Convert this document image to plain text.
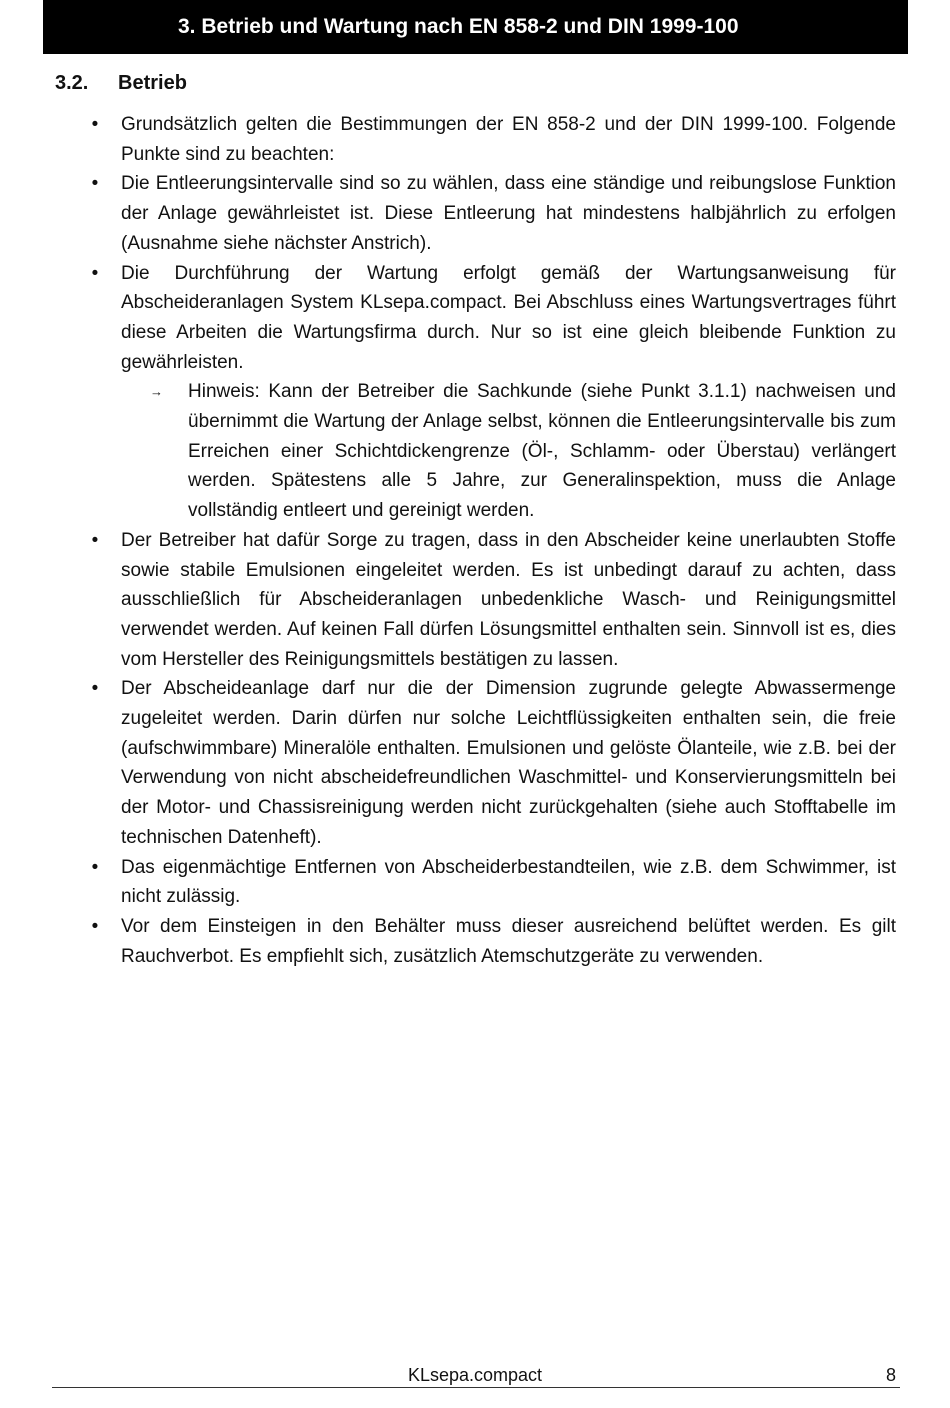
3. Betrieb und Wartung nach EN 858-2 und DIN 1999-100
3.2. Betrieb
• Grundsätzlich gelten die Bestimmungen der EN 858-2 und der DIN 1999-100. Folgende Punkte sind zu beachten:
• Die Entleerungsintervalle sind so zu wählen, dass eine ständige und reibungslose Funktion der Anlage gewährleistet ist. Diese Entleerung hat mindestens halbjährlich zu erfolgen (Ausnahme siehe nächster Anstrich).
• Die Durchführung der Wartung erfolgt gemäß der Wartungsanweisung für Abscheideranlagen System KLsepa.compact. Bei Abschluss eines Wartungsvertrages führt diese Arbeiten die Wartungsfirma durch. Nur so ist eine gleich bleibende Funktion zu gewährleisten.
→ Hinweis: Kann der Betreiber die Sachkunde (siehe Punkt 3.1.1) nachweisen und übernimmt die Wartung der Anlage selbst, können die Entleerungsintervalle bis zum Erreichen einer Schichtdickengrenze (Öl-, Schlamm- oder Überstau) verlängert werden. Spätestens alle 5 Jahre, zur Generalinspektion, muss die Anlage vollständig entleert und gereinigt werden.
• Der Betreiber hat dafür Sorge zu tragen, dass in den Abscheider keine unerlaubten Stoffe sowie stabile Emulsionen eingeleitet werden. Es ist unbedingt darauf zu achten, dass ausschließlich für Abscheideranlagen unbedenkliche Wasch- und Reinigungsmittel verwendet werden. Auf keinen Fall dürfen Lösungsmittel enthalten sein. Sinnvoll ist es, dies vom Hersteller des Reinigungsmittels bestätigen zu lassen.
• Der Abscheideanlage darf nur die der Dimension zugrunde gelegte Abwassermenge zugeleitet werden. Darin dürfen nur solche Leichtflüssigkeiten enthalten sein, die freie (aufschwimmbare) Mineralöle enthalten. Emulsionen und gelöste Ölanteile, wie z.B. bei der Verwendung von nicht abscheidefreundlichen Waschmittel- und Konservierungsmitteln bei der Motor- und Chassisreinigung werden nicht zurückgehalten (siehe auch Stofftabelle im technischen Datenheft).
• Das eigenmächtige Entfernen von Abscheiderbestandteilen, wie z.B. dem Schwimmer, ist nicht zulässig.
• Vor dem Einsteigen in den Behälter muss dieser ausreichend belüftet werden. Es gilt Rauchverbot. Es empfiehlt sich, zusätzlich Atemschutzgeräte zu verwenden.
KLsepa.compact	8
